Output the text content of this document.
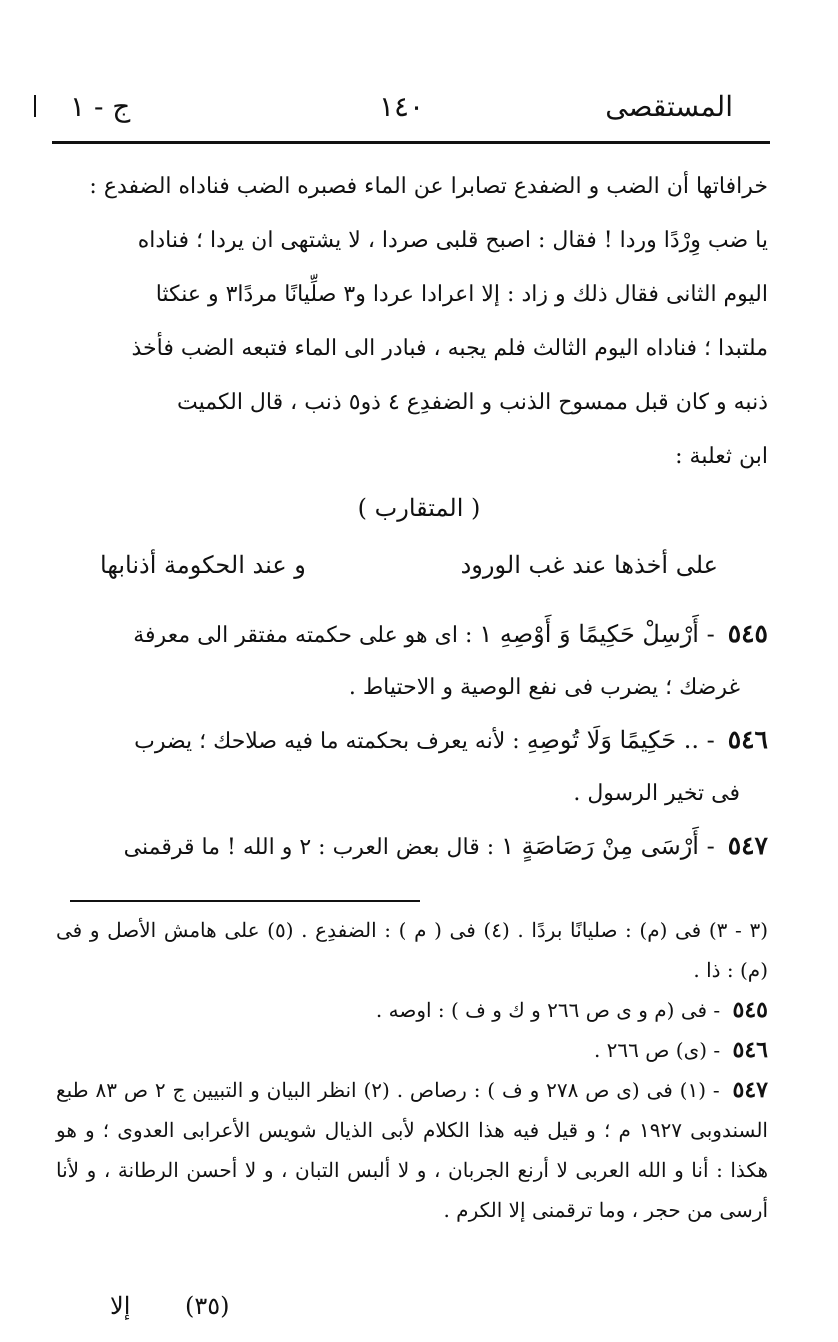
المستقصى
١٤٠
ج - ١

خرافاتها أن الضب و الضفدع تصابرا عن الماء فصبره الضب فناداه الضفدع :

يا ضب وِرْدًا وردا ! فقال : اصبح قلبى صردا ، لا يشتهى ان يردا ؛ فناداه

اليوم الثانى فقال ذلك و زاد : إلا اعرادا عردا و٣ صلِّيانًا مردًا٣ و عنكثا

ملتبدا ؛ فناداه اليوم الثالث فلم يجبه ، فبادر الى الماء فتبعه الضب فأخذ

ذنبه و كان قبل ممسوح الذنب و الضفدِع ٤ ذو٥ ذنب ، قال الكميت

ابن ثعلبة :

( المتقارب )
على أخذها عند غب الورود
و عند الحكومة أذنابها

٥٤٥ - أَرْسِلْ حَكِيمًا وَ أَوْصِهِ ١ : اى هو على حكمته مفتقر الى معرفة
غرضك ؛ يضرب فى نفع الوصية و الاحتياط .

٥٤٦ - .. حَكِيمًا وَلَا تُوصِهِ : لأنه يعرف بحكمته ما فيه صلاحك ؛ يضرب
فى تخير الرسول .

٥٤٧ - أَرْسَى مِنْ رَصَاصَةٍ ١ : قال بعض العرب : ٢ و الله ! ما قرقمنى

(٣ - ٣) فى (م) : صليانًا بردًا . (٤) فى ( م ) : الضفدِع . (٥) على هامش الأصل و فى (م) : ذا .

٥٤٥ - فى (م و ى ص ٢٦٦ و ك و ف ) : اوصه .

٥٤٦ - (ى) ص ٢٦٦ .

٥٤٧ - (١) فى (ى ص ٢٧٨ و ف ) : رصاص . (٢) انظر البيان و التبيين ج ٢ ص ٨٣ طبع السندوبى ١٩٢٧ م ؛ و قيل فيه هذا الكلام لأبى الذيال شويس الأعرابى العدوى ؛ و هو هكذا : أنا و الله العربى لا أرنع الجربان ، و لا ألبس التبان ، و لا أحسن الرطانة ، و لأنا أرسى من حجر ، وما ترقمنى إلا الكرم .

(٣٥)
إلا
